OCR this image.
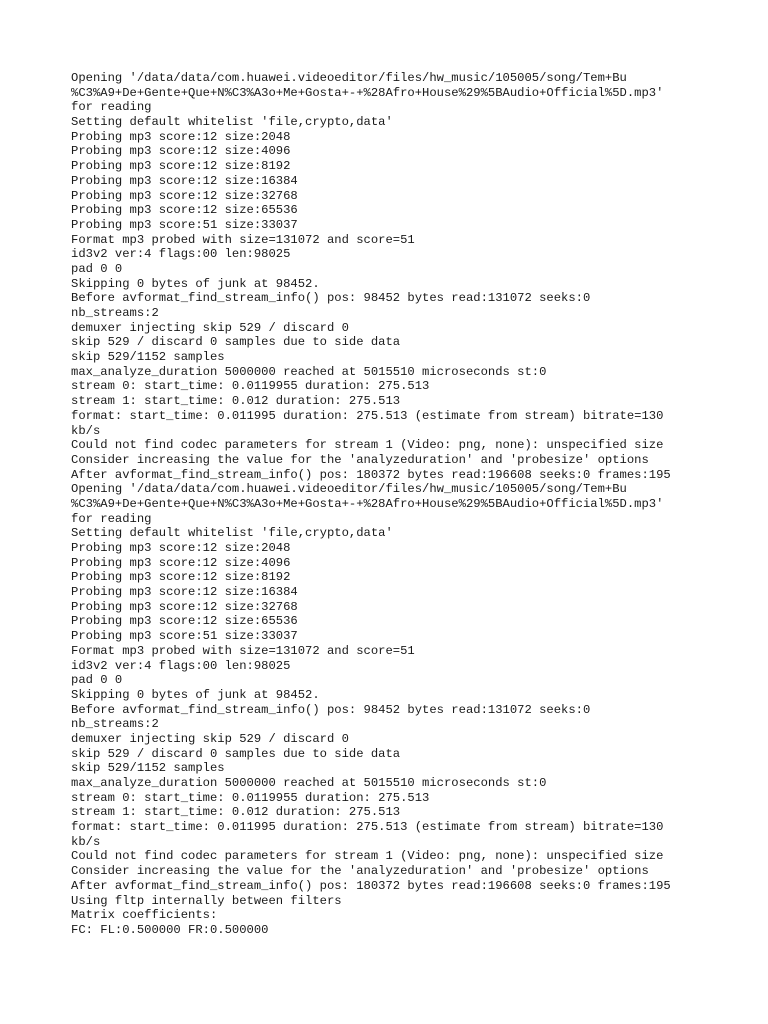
Opening '/data/data/com.huawei.videoeditor/files/hw_music/105005/song/Tem+Bu
%C3%A9+De+Gente+Que+N%C3%A3o+Me+Gosta+-+%28Afro+House%29%5BAudio+Official%5D.mp3'
for reading
Setting default whitelist 'file,crypto,data'
Probing mp3 score:12 size:2048
Probing mp3 score:12 size:4096
Probing mp3 score:12 size:8192
Probing mp3 score:12 size:16384
Probing mp3 score:12 size:32768
Probing mp3 score:12 size:65536
Probing mp3 score:51 size:33037
Format mp3 probed with size=131072 and score=51
id3v2 ver:4 flags:00 len:98025
pad 0 0
Skipping 0 bytes of junk at 98452.
Before avformat_find_stream_info() pos: 98452 bytes read:131072 seeks:0
nb_streams:2
demuxer injecting skip 529 / discard 0
skip 529 / discard 0 samples due to side data
skip 529/1152 samples
max_analyze_duration 5000000 reached at 5015510 microseconds st:0
stream 0: start_time: 0.0119955 duration: 275.513
stream 1: start_time: 0.012 duration: 275.513
format: start_time: 0.011995 duration: 275.513 (estimate from stream) bitrate=130
kb/s
Could not find codec parameters for stream 1 (Video: png, none): unspecified size
Consider increasing the value for the 'analyzeduration' and 'probesize' options
After avformat_find_stream_info() pos: 180372 bytes read:196608 seeks:0 frames:195
Opening '/data/data/com.huawei.videoeditor/files/hw_music/105005/song/Tem+Bu
%C3%A9+De+Gente+Que+N%C3%A3o+Me+Gosta+-+%28Afro+House%29%5BAudio+Official%5D.mp3'
for reading
Setting default whitelist 'file,crypto,data'
Probing mp3 score:12 size:2048
Probing mp3 score:12 size:4096
Probing mp3 score:12 size:8192
Probing mp3 score:12 size:16384
Probing mp3 score:12 size:32768
Probing mp3 score:12 size:65536
Probing mp3 score:51 size:33037
Format mp3 probed with size=131072 and score=51
id3v2 ver:4 flags:00 len:98025
pad 0 0
Skipping 0 bytes of junk at 98452.
Before avformat_find_stream_info() pos: 98452 bytes read:131072 seeks:0
nb_streams:2
demuxer injecting skip 529 / discard 0
skip 529 / discard 0 samples due to side data
skip 529/1152 samples
max_analyze_duration 5000000 reached at 5015510 microseconds st:0
stream 0: start_time: 0.0119955 duration: 275.513
stream 1: start_time: 0.012 duration: 275.513
format: start_time: 0.011995 duration: 275.513 (estimate from stream) bitrate=130
kb/s
Could not find codec parameters for stream 1 (Video: png, none): unspecified size
Consider increasing the value for the 'analyzeduration' and 'probesize' options
After avformat_find_stream_info() pos: 180372 bytes read:196608 seeks:0 frames:195
Using fltp internally between filters
Matrix coefficients:
FC: FL:0.500000 FR:0.500000
